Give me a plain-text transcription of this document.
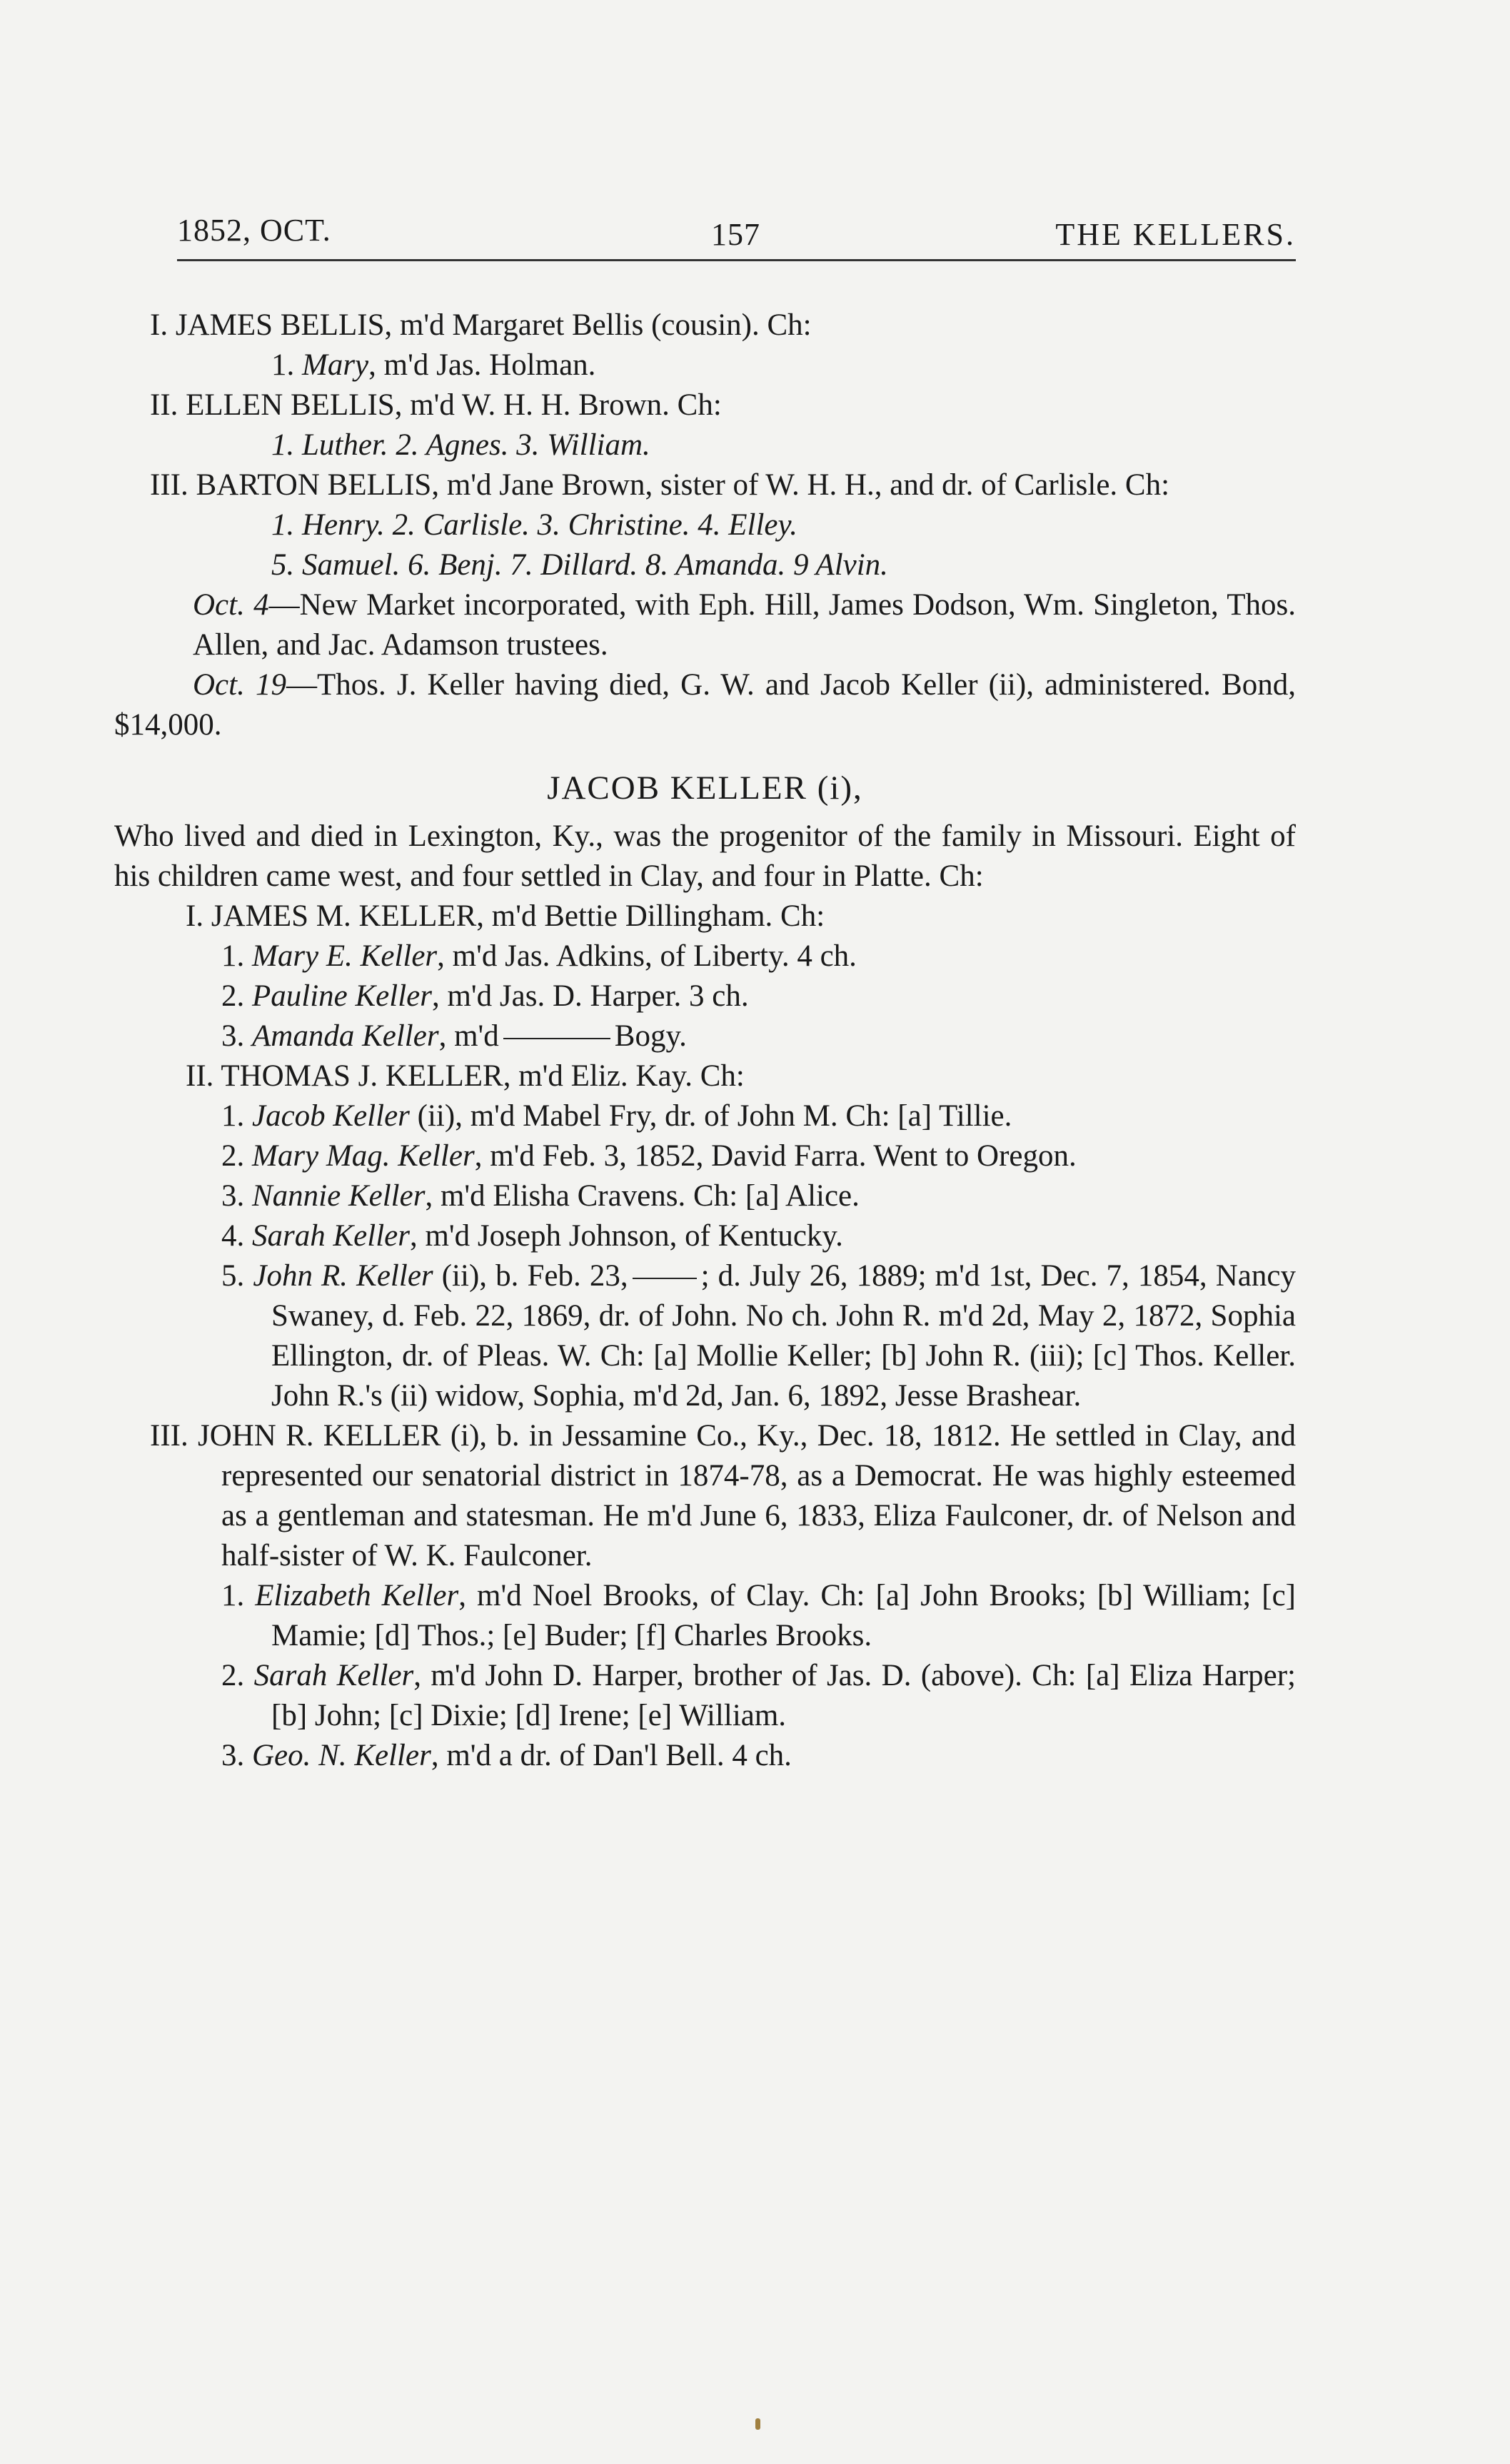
1852, OCT.	157	THE KELLERS.

I. JAMES BELLIS, m'd Margaret Bellis (cousin). Ch:

1. Mary, m'd Jas. Holman.

II. ELLEN BELLIS, m'd W. H. H. Brown. Ch:

1. Luther. 2. Agnes. 3. William.

III. BARTON BELLIS, m'd Jane Brown, sister of W. H. H., and dr. of Carlisle. Ch:

1. Henry. 2. Carlisle. 3. Christine. 4. Elley.

5. Samuel. 6. Benj. 7. Dillard. 8. Amanda. 9 Alvin.

Oct. 4—New Market incorporated, with Eph. Hill, James Dodson, Wm. Singleton, Thos. Allen, and Jac. Adamson trustees.

Oct. 19—Thos. J. Keller having died, G. W. and Jacob Keller (ii), administered. Bond, $14,000.

JACOB KELLER (i),

Who lived and died in Lexington, Ky., was the progenitor of the family in Missouri. Eight of his children came west, and four settled in Clay, and four in Platte. Ch:

I. JAMES M. KELLER, m'd Bettie Dillingham. Ch:

1. Mary E. Keller, m'd Jas. Adkins, of Liberty. 4 ch.

2. Pauline Keller, m'd Jas. D. Harper. 3 ch.

3. Amanda Keller, m'd	Bogy.

II. THOMAS J. KELLER, m'd Eliz. Kay. Ch:

1. Jacob Keller (ii), m'd Mabel Fry, dr. of John M. Ch: [a] Tillie.

2. Mary Mag. Keller, m'd Feb. 3, 1852, David Farra. Went to Oregon.

3. Nannie Keller, m'd Elisha Cravens. Ch: [a] Alice.

4. Sarah Keller, m'd Joseph Johnson, of Kentucky.

5. John R. Keller (ii), b. Feb. 23, ; d. July 26, 1889; m'd 1st, Dec. 7, 1854, Nancy Swaney, d. Feb. 22, 1869, dr. of John. No ch. John R. m'd 2d, May 2, 1872, Sophia Ellington, dr. of Pleas. W. Ch: [a] Mollie Keller; [b] John R. (iii); [c] Thos. Keller. John R.'s (ii) widow, Sophia, m'd 2d, Jan. 6, 1892, Jesse Brashear.

III. JOHN R. KELLER (i), b. in Jessamine Co., Ky., Dec. 18, 1812. He settled in Clay, and represented our senatorial district in 1874-78, as a Democrat. He was highly esteemed as a gentleman and statesman. He m'd June 6, 1833, Eliza Faulconer, dr. of Nelson and half-sister of W. K. Faulconer.

1. Elizabeth Keller, m'd Noel Brooks, of Clay. Ch: [a] John Brooks; [b] William; [c] Mamie; [d] Thos.; [e] Buder; [f] Charles Brooks.

2. Sarah Keller, m'd John D. Harper, brother of Jas. D. (above). Ch: [a] Eliza Harper; [b] John; [c] Dixie; [d] Irene; [e] William.

3. Geo. N. Keller, m'd a dr. of Dan'l Bell. 4 ch.
